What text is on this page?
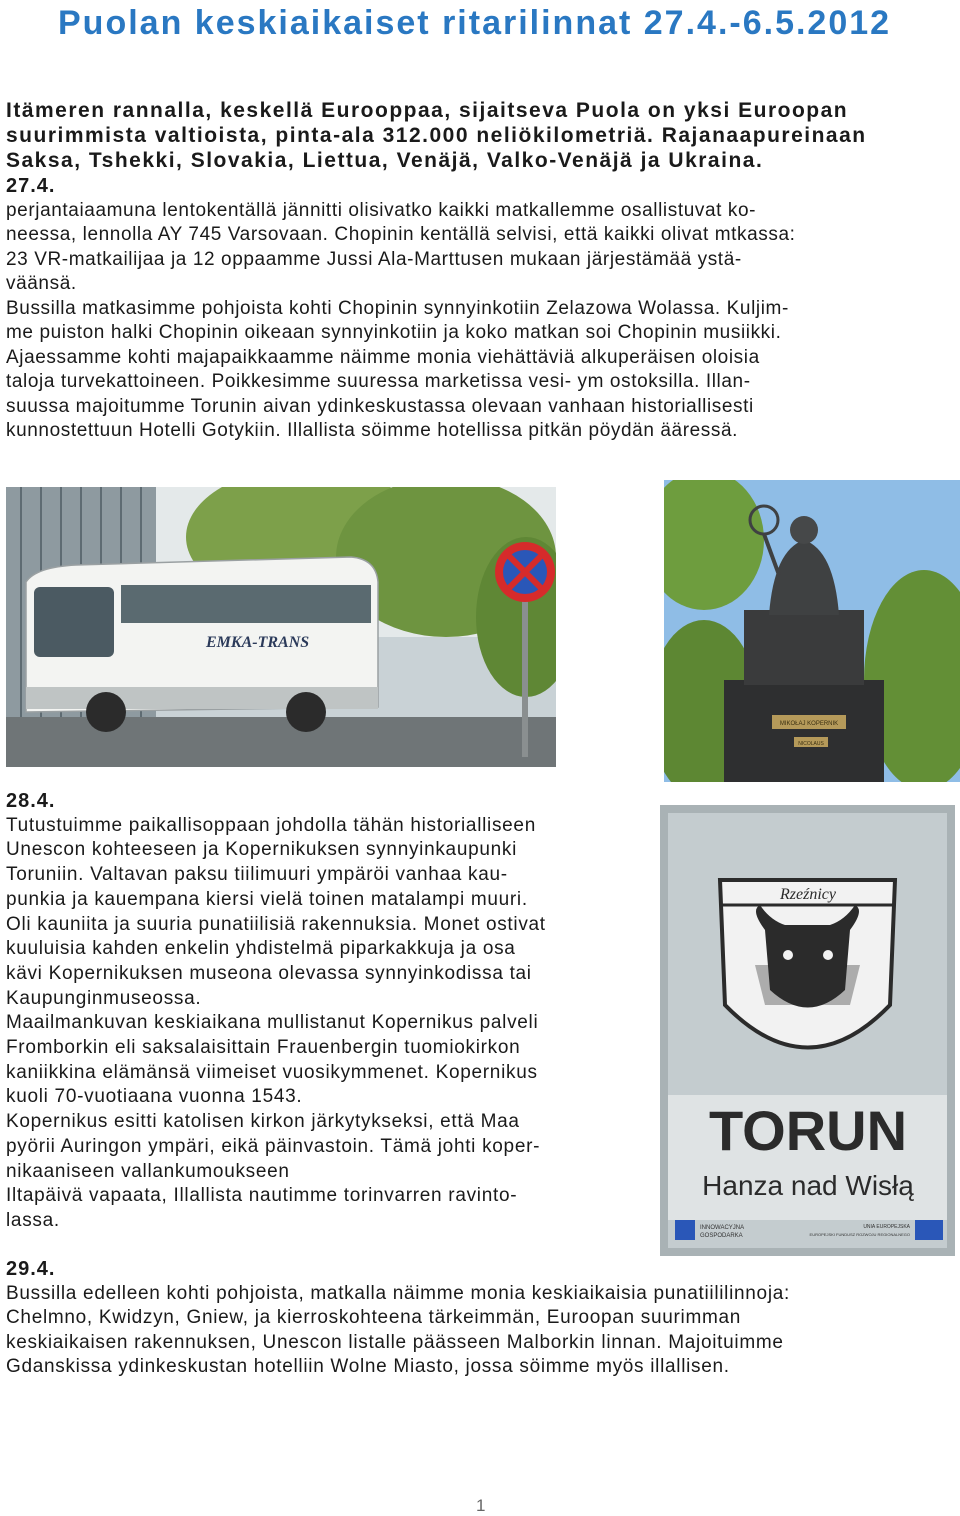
Puolan keskiaikaiset ritarilinnat 27.4.-6.5.2012

Itämeren rannalla, keskellä Eurooppaa, sijaitseva Puola on yksi Euroopan

suurimmista valtioista, pinta-ala 312.000 neliökilometriä. Rajanaapureinaan

Saksa, Tshekki, Slovakia, Liettua, Venäjä, Valko-Venäjä ja Ukraina.

27.4.

perjantaiaamuna lentokentällä jännitti olisivatko kaikki matkallemme osallistuvat ko-

neessa, lennolla AY 745 Varsovaan. Chopinin kentällä selvisi, että kaikki olivat mtkassa:

23 VR-matkailijaa ja 12 oppaamme Jussi Ala-Marttusen mukaan järjestämää ystä-

väänsä.

Bussilla matkasimme pohjoista kohti Chopinin synnyinkotiin Zelazowa Wolassa. Kuljim-

me puiston halki Chopinin oikeaan synnyinkotiin ja koko matkan soi Chopinin musiikki.

Ajaessamme kohti majapaikkaamme näimme monia viehättäviä alkuperäisen oloisia

taloja turvekattoineen. Poikkesimme suuressa marketissa vesi- ym ostoksilla. Illan-

suussa majoitumme Torunin aivan ydinkeskustassa olevaan vanhaan historiallisesti

kunnostettuun Hotelli Gotykiin. Illallista söimme hotellissa pitkän pöydän ääressä.

EMKA-TRANS
MIKOŁAJ KOPERNIK
NICOLAUS

28.4.

Tutustuimme paikallisoppaan johdolla tähän historialliseen

Unescon kohteeseen ja Kopernikuksen synnyinkaupunki

Toruniin. Valtavan paksu tiilimuuri ympäröi vanhaa kau-

punkia ja kauempana kiersi vielä toinen matalampi muuri.

Oli kauniita ja suuria punatiilisiä rakennuksia. Monet ostivat

kuuluisia kahden enkelin yhdistelmä piparkakkuja ja osa

kävi Kopernikuksen museona olevassa synnyinkodissa tai

Kaupunginmuseossa.

Maailmankuvan keskiaikana mullistanut Kopernikus palveli

Fromborkin eli saksalaisittain Frauenbergin tuomiokirkon

kaniikkina elämänsä viimeiset vuosikymmenet. Kopernikus

kuoli 70-vuotiaana vuonna 1543.

Kopernikus esitti katolisen kirkon järkytykseksi, että Maa

pyörii Auringon ympäri, eikä päinvastoin. Tämä johti koper-

nikaaniseen vallankumoukseen

Iltapäivä vapaata, Illallista nautimme torinvarren ravinto-

lassa.

Rzeźnicy
TORUN
Hanza nad Wisłą
INNOWACYJNA
GOSPODARKA
UNIA EUROPEJSKA
EUROPEJSKI FUNDUSZ ROZWOJU REGIONALNEGO

29.4.

Bussilla edelleen kohti pohjoista, matkalla näimme monia keskiaikaisia punatiililinnoja:

Chelmno, Kwidzyn, Gniew, ja kierroskohteena tärkeimmän, Euroopan suurimman

keskiaikaisen rakennuksen, Unescon listalle päässeen Malborkin linnan. Majoituimme

Gdanskissa ydinkeskustan hotelliin Wolne Miasto, jossa söimme myös illallisen.

1
